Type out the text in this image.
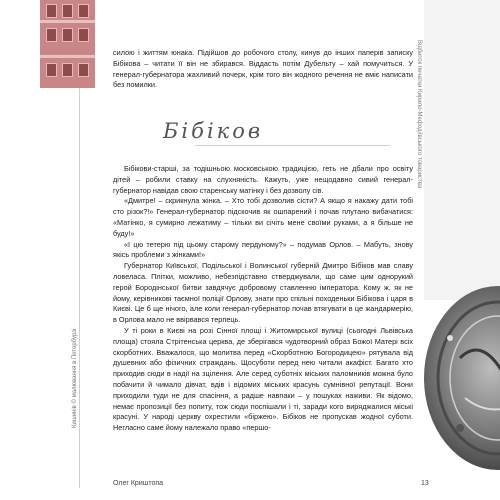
Кишинів © малювання в Петербурзі
Відбиток печатки Кирило-Мефодіївського товариства

силою і життям юнака. Підійшов до робочого столу, кинув до інших паперів записку Бібікова – читати її він не збирався. Віддасть потім Дубельту – хай помучиться. У генерал-губернатора жахливий почерк, крім того він жодного речення не вміє написати без помилки.

Бібіков

Бібікови-старші, за тодішньою московською традицією, геть не дбали про освіту дітей – робили ставку на слухняність. Кажуть, уже нещодавно сивий генерал-губернатор навідав свою старенську матінку і без дозволу сів.

«Дмитре! – скрикнула жінка. – Хто тобі дозволив сісти? А якщо я накажу дати тобі сто різок?!» Генерал-губернатор підскочив як ошпарений і почав плутано вибачатися: «Матінко, я сумирно лежатиму – тільки ви січіть мене своїми руками, а я більше не буду!»

«І цю тетерю під цьому старому пердуному?» – подумав Орлов. – Мабуть, знову якісь проблеми з жінками!»

Губернатор Київської, Подільської і Волинської губерній Дмитро Бібіков мав славу ловеласа. Плітки, можливо, небезпідставно стверджували, що саме цим однорукий герой Бородінської битви завдячує добровому ставленню імператора. Кому ж, як не йому, керівникові таємної поліції Орлову, знати про спільні походеньки Бібікова і царя в Києві. Це б ще нічого, але коли генерал-губернатор почав втягувати в це жандармерію, в Орлова мало не ввірвався терпець.

У ті роки в Києві на розі Сінної площі і Житомирської вулиці (сьогодні Львівська площа) стояла Стрітенська церква, де зберігався чудотворний образ Божої Матері всіх скорботних. Вважалося, що молитва перед «Скорботною Богородицею» рятувала від душевних або фізичних страждань. Щосуботи перед нею читали акафіст. Багато хто приходив сюди в надії на зцілення. Але серед суботніх міських паломників можна було побачити й чимало дівчат, вдів і відомих міських красунь сумнівної репутації. Вони приходили туди не для спасіння, а радше навпаки – у пошуках наживи. Як відомо, немає пропозиції без попиту, тож сюди поспішали і ті, заради кого виряджалися міські красуні. У народі церкву охрестили «біржею». Бібіков не пропускав жодної суботи. Негласно саме йому належало право «першо-

Олег Криштопа	13
